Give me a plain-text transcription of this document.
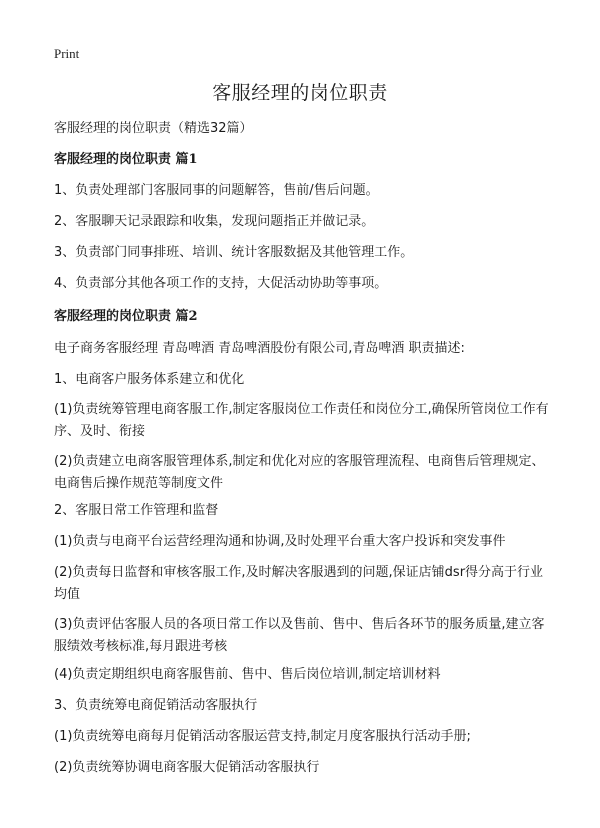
Print
客服经理的岗位职责

客服经理的岗位职责（精选32篇）

客服经理的岗位职责 篇1

1、负责处理部门客服同事的问题解答，售前/售后问题。

2、客服聊天记录跟踪和收集，发现问题指正并做记录。

3、负责部门同事排班、培训、统计客服数据及其他管理工作。

4、负责部分其他各项工作的支持，大促活动协助等事项。

客服经理的岗位职责 篇2

电子商务客服经理 青岛啤酒 青岛啤酒股份有限公司,青岛啤酒 职责描述:

1、电商客户服务体系建立和优化

(1)负责统筹管理电商客服工作,制定客服岗位工作责任和岗位分工,确保所管岗位工作有序、及时、衔接

(2)负责建立电商客服管理体系,制定和优化对应的客服管理流程、电商售后管理规定、电商售后操作规范等制度文件

2、客服日常工作管理和监督

(1)负责与电商平台运营经理沟通和协调,及时处理平台重大客户投诉和突发事件

(2)负责每日监督和审核客服工作,及时解决客服遇到的问题,保证店铺dsr得分高于行业均值

(3)负责评估客服人员的各项日常工作以及售前、售中、售后各环节的服务质量,建立客服绩效考核标准,每月跟进考核

(4)负责定期组织电商客服售前、售中、售后岗位培训,制定培训材料

3、负责统筹电商促销活动客服执行

(1)负责统筹电商每月促销活动客服运营支持,制定月度客服执行活动手册;

(2)负责统筹协调电商客服大促销活动客服执行
